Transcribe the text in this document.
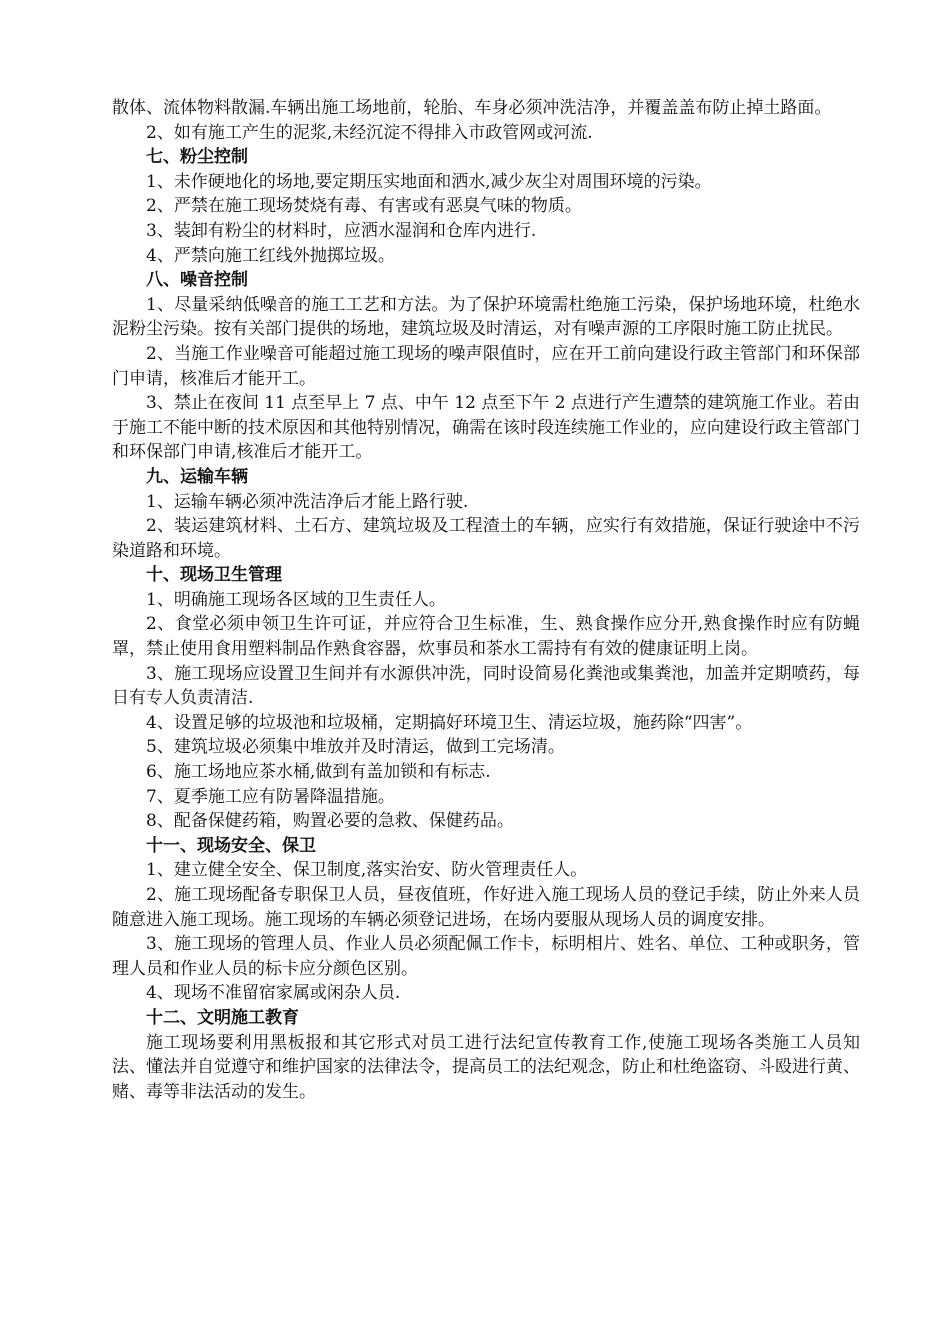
散体、流体物料散漏.车辆出施工场地前，轮胎、车身必须冲洗洁净，并覆盖盖布防止掉土路面。

2、如有施工产生的泥浆,未经沉淀不得排入市政管网或河流.

七、粉尘控制

1、未作硬地化的场地,要定期压实地面和洒水,减少灰尘对周围环境的污染。

2、严禁在施工现场焚烧有毒、有害或有恶臭气味的物质。

3、装卸有粉尘的材料时，应洒水湿润和仓库内进行.

4、严禁向施工红线外抛掷垃圾。

八、噪音控制

1、尽量采纳低噪音的施工工艺和方法。为了保护环境需杜绝施工污染，保护场地环境，杜绝水泥粉尘污染。按有关部门提供的场地，建筑垃圾及时清运，对有噪声源的工序限时施工防止扰民。

2、当施工作业噪音可能超过施工现场的噪声限值时，应在开工前向建设行政主管部门和环保部门申请，核准后才能开工。

3、禁止在夜间 11 点至早上 7 点、中午 12 点至下午 2 点进行产生遭禁的建筑施工作业。若由于施工不能中断的技术原因和其他特别情况，确需在该时段连续施工作业的，应向建设行政主管部门和环保部门申请,核准后才能开工。

九、运输车辆

1、运输车辆必须冲洗洁净后才能上路行驶.

2、装运建筑材料、土石方、建筑垃圾及工程渣土的车辆，应实行有效措施，保证行驶途中不污染道路和环境。

十、现场卫生管理

1、明确施工现场各区域的卫生责任人。

2、食堂必须申领卫生许可证，并应符合卫生标准，生、熟食操作应分开,熟食操作时应有防蝇罩，禁止使用食用塑料制品作熟食容器，炊事员和茶水工需持有有效的健康证明上岗。

3、施工现场应设置卫生间并有水源供冲洗，同时设简易化粪池或集粪池，加盖并定期喷药，每日有专人负责清洁.

4、设置足够的垃圾池和垃圾桶，定期搞好环境卫生、清运垃圾，施药除“四害”。

5、建筑垃圾必须集中堆放并及时清运，做到工完场清。

6、施工场地应茶水桶,做到有盖加锁和有标志.

7、夏季施工应有防暑降温措施。

8、配备保健药箱，购置必要的急救、保健药品。

十一、现场安全、保卫

1、建立健全安全、保卫制度,落实治安、防火管理责任人。

2、施工现场配备专职保卫人员，昼夜值班，作好进入施工现场人员的登记手续，防止外来人员随意进入施工现场。施工现场的车辆必须登记进场，在场内要服从现场人员的调度安排。

3、施工现场的管理人员、作业人员必须配佩工作卡，标明相片、姓名、单位、工种或职务，管理人员和作业人员的标卡应分颜色区别。

4、现场不准留宿家属或闲杂人员.

十二、文明施工教育

施工现场要利用黑板报和其它形式对员工进行法纪宣传教育工作,使施工现场各类施工人员知法、懂法并自觉遵守和维护国家的法律法令，提高员工的法纪观念，防止和杜绝盗窃、斗殴进行黄、赌、毒等非法活动的发生。
